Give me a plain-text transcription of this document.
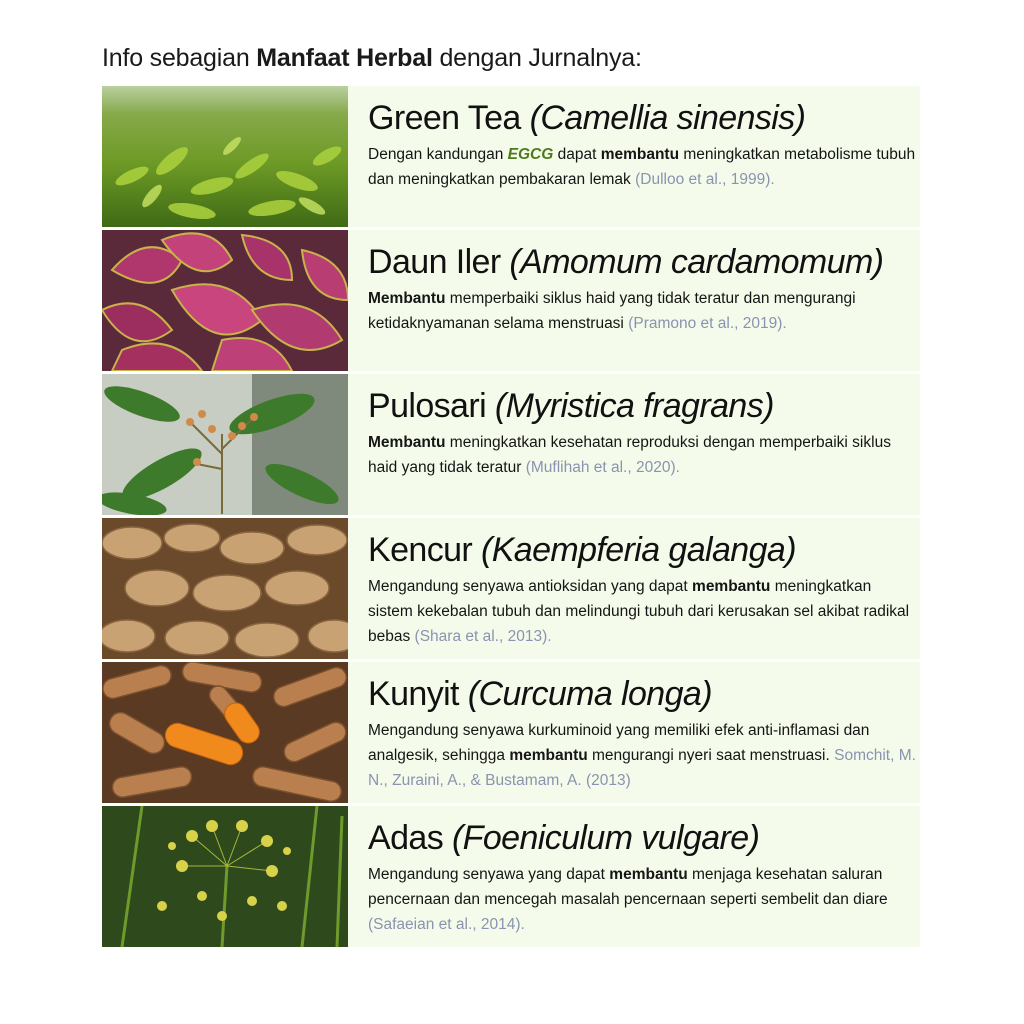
Info sebagian Manfaat Herbal dengan Jurnalnya:
Green Tea (Camellia sinensis)
Dengan kandungan EGCG dapat membantu meningkatkan metabolisme tubuh dan meningkatkan pembakaran lemak (Dulloo et al., 1999).
Daun Iler (Amomum cardamomum)
Membantu memperbaiki siklus haid yang tidak teratur dan mengurangi ketidaknyamanan selama menstruasi (Pramono et al., 2019).
Pulosari (Myristica fragrans)
Membantu meningkatkan kesehatan reproduksi dengan memperbaiki siklus haid yang tidak teratur (Muflihah et al., 2020).
Kencur (Kaempferia galanga)
Mengandung senyawa antioksidan yang dapat membantu meningkatkan sistem kekebalan tubuh dan melindungi tubuh dari kerusakan sel akibat radikal bebas (Shara et al., 2013).
Kunyit (Curcuma longa)
Mengandung senyawa kurkuminoid yang memiliki efek anti-inflamasi dan analgesik, sehingga membantu mengurangi nyeri saat menstruasi. Somchit, M. N., Zuraini, A., & Bustamam, A. (2013)
Adas (Foeniculum vulgare)
Mengandung senyawa yang dapat membantu menjaga kesehatan saluran pencernaan dan mencegah masalah pencernaan seperti sembelit dan diare (Safaeian et al., 2014).
